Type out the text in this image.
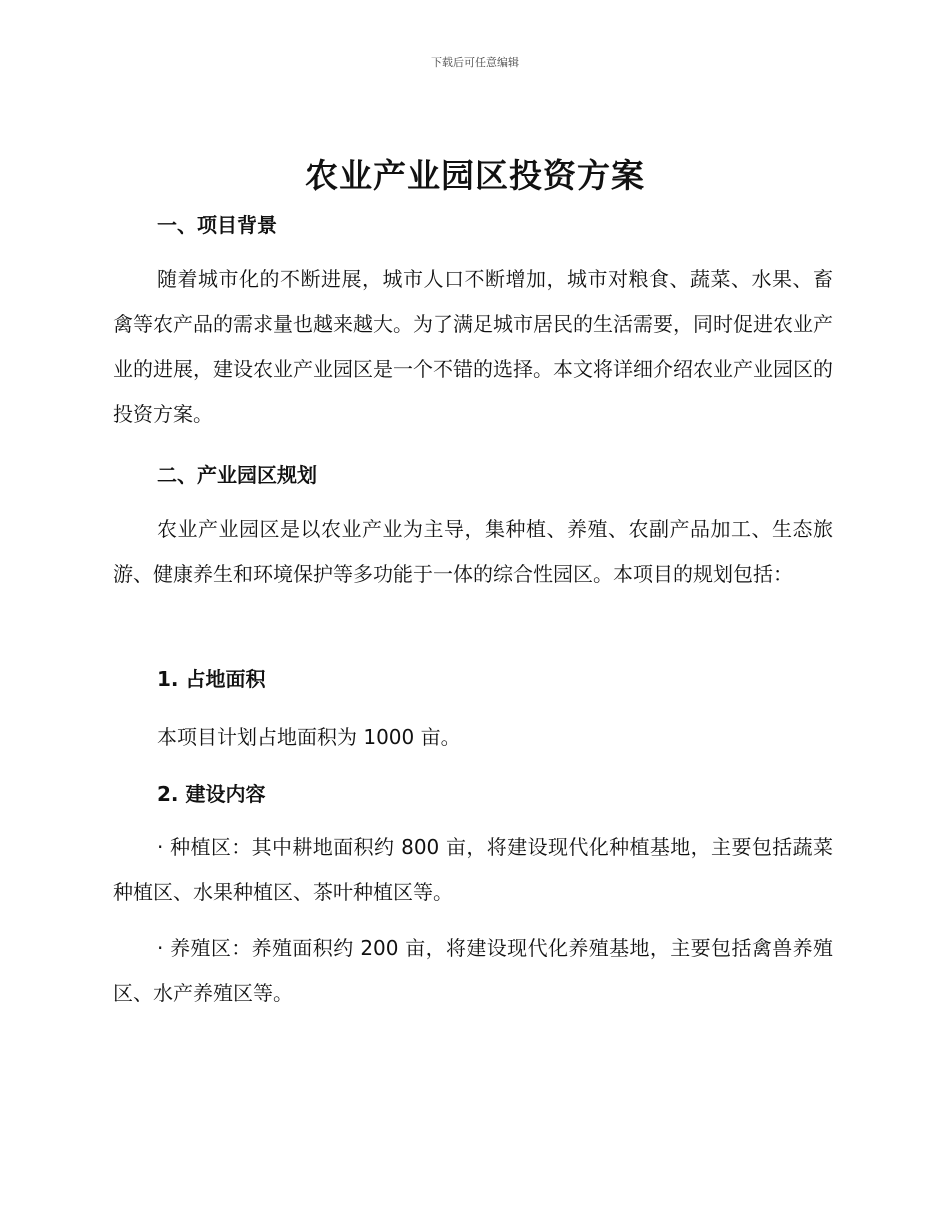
下载后可任意编辑
农业产业园区投资方案
一、项目背景

随着城市化的不断进展，城市人口不断增加，城市对粮食、蔬菜、水果、畜禽等农产品的需求量也越来越大。为了满足城市居民的生活需要，同时促进农业产业的进展，建设农业产业园区是一个不错的选择。本文将详细介绍农业产业园区的投资方案。

二、产业园区规划

农业产业园区是以农业产业为主导，集种植、养殖、农副产品加工、生态旅游、健康养生和环境保护等多功能于一体的综合性园区。本项目的规划包括：

1. 占地面积
本项目计划占地面积为 1000 亩。
2. 建设内容

· 种植区：其中耕地面积约 800 亩，将建设现代化种植基地，主要包括蔬菜种植区、水果种植区、茶叶种植区等。

· 养殖区：养殖面积约 200 亩，将建设现代化养殖基地，主要包括禽兽养殖区、水产养殖区等。
